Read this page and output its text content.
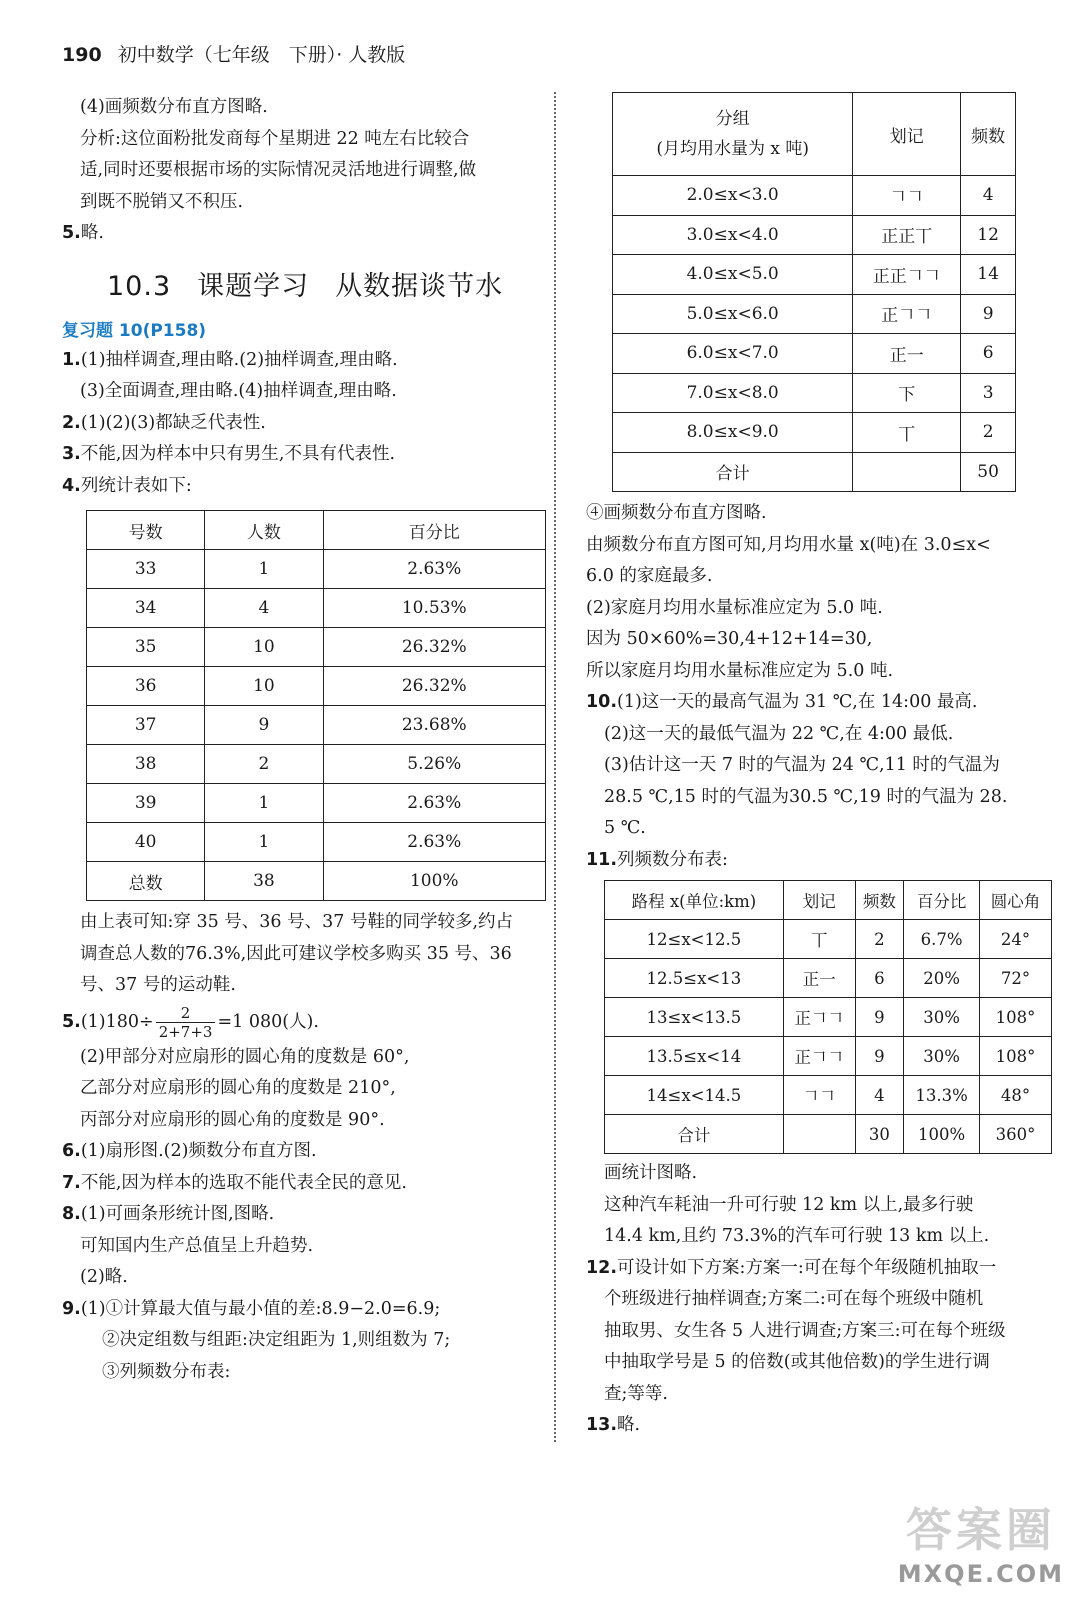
190 初中数学（七年级　下册）· 人教版

(4)画频数分布直方图略.

分析:这位面粉批发商每个星期进 22 吨左右比较合

适,同时还要根据市场的实际情况灵活地进行调整,做

到既不脱销又不积压.

5.略.

10.3 课题学习 从数据谈节水
复习题 10(P158)

1.(1)抽样调查,理由略.(2)抽样调查,理由略.

(3)全面调查,理由略.(4)抽样调查,理由略.

2.(1)(2)(3)都缺乏代表性.

3.不能,因为样本中只有男生,不具有代表性.

4.列统计表如下:

号数	人数	百分比
33	1	2.63%
34	4	10.53%
35	10	26.32%
36	10	26.32%
37	9	23.68%
38	2	5.26%
39	1	2.63%
40	1	2.63%
总数	38	100%

由上表可知:穿 35 号、36 号、37 号鞋的同学较多,约占

调查总人数的76.3%,因此可建议学校多购买 35 号、36

号、37 号的运动鞋.

$5.(1)180\div \frac{2}{2+7+3} =1$ 080(人).

(2)甲部分对应扇形的圆心角的度数是 60°,

乙部分对应扇形的圆心角的度数是 210°,

丙部分对应扇形的圆心角的度数是 90°.

6.(1)扇形图.(2)频数分布直方图.

7.不能,因为样本的选取不能代表全民的意见.

8.(1)可画条形统计图,图略.

可知国内生产总值呈上升趋势.

(2)略.

9.(1)①计算最大值与最小值的差:8.9−2.0=6.9;

②决定组数与组距:决定组距为 1,则组数为 7;

③列频数分布表:

分组
(月均用水量为 x 吨)	划记	频数
2.0≤x<3.0	𠃍𠃍	4
3.0≤x<4.0	正正丅	12
4.0≤x<5.0	正正𠃍𠃍	14
5.0≤x<6.0	正𠃍𠃍	9
6.0≤x<7.0	正一	6
7.0≤x<8.0	下	3
8.0≤x<9.0	丅	2
合计		50

④画频数分布直方图略.

由频数分布直方图可知,月均用水量 x(吨)在 3.0≤x<

6.0 的家庭最多.

(2)家庭月均用水量标准应定为 5.0 吨.

因为 50×60%=30,4+12+14=30,

所以家庭月均用水量标准应定为 5.0 吨.

10.(1)这一天的最高气温为 31 ℃,在 14:00 最高.

(2)这一天的最低气温为 22 ℃,在 4:00 最低.

(3)估计这一天 7 时的气温为 24 ℃,11 时的气温为

28.5 ℃,15 时的气温为30.5 ℃,19 时的气温为 28.

5 ℃.

11.列频数分布表:

路程 x(单位:km)	划记	频数	百分比	圆心角
12≤x<12.5	丅	2	6.7%	24°
12.5≤x<13	正一	6	20%	72°
13≤x<13.5	正𠃍𠃍	9	30%	108°
13.5≤x<14	正𠃍𠃍	9	30%	108°
14≤x<14.5	𠃍𠃍	4	13.3%	48°
合计		30	100%	360°

画统计图略.

这种汽车耗油一升可行驶 12 km 以上,最多行驶

14.4 km,且约 73.3%的汽车可行驶 13 km 以上.

12.可设计如下方案:方案一:可在每个年级随机抽取一

个班级进行抽样调查;方案二:可在每个班级中随机

抽取男、女生各 5 人进行调查;方案三:可在每个班级

中抽取学号是 5 的倍数(或其他倍数)的学生进行调

查;等等.

13.略.

答案圈
MXQE.COM
